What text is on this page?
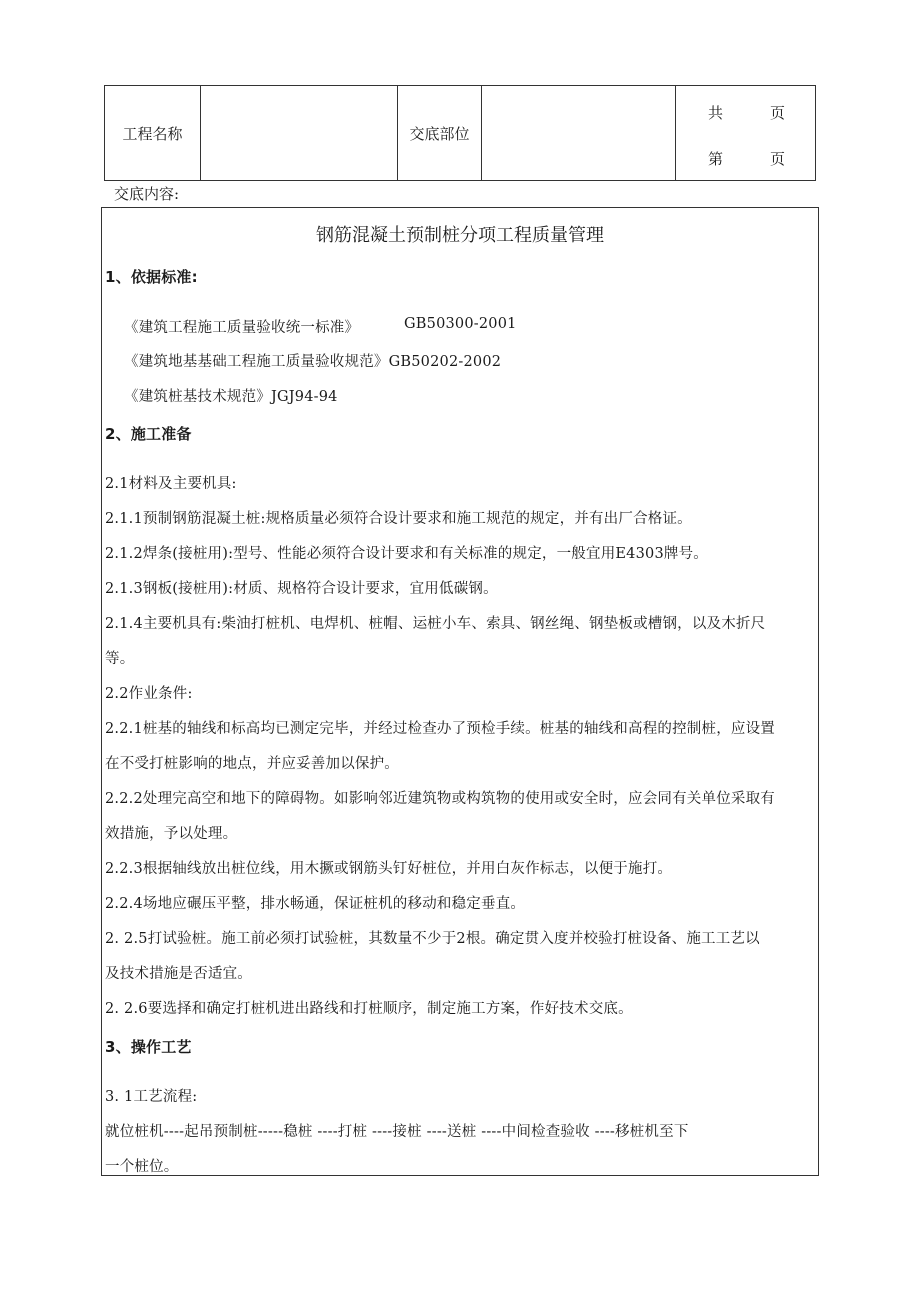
工程名称	交底部位
共	页
第	页
交底内容:
钢筋混凝土预制桩分项工程质量管理
1、依据标准:
《建筑工程施工质量验收统一标准》	GB50300-2001
《建筑地基基础工程施工质量验收规范》GB50202-2002
《建筑桩基技术规范》JGJ94-94
2、施工准备
2.1材料及主要机具:
2.1.1预制钢筋混凝土桩:规格质量必须符合设计要求和施工规范的规定，并有出厂合格证。
2.1.2焊条(接桩用):型号、性能必须符合设计要求和有关标准的规定，一般宜用E4303牌号。
2.1.3钢板(接桩用):材质、规格符合设计要求，宜用低碳钢。
2.1.4主要机具有:柴油打桩机、电焊机、桩帽、运桩小车、索具、钢丝绳、钢垫板或槽钢，以及木折尺
等。
2.2作业条件:
2.2.1桩基的轴线和标高均已测定完毕，并经过检查办了预检手续。桩基的轴线和高程的控制桩，应设置
在不受打桩影响的地点，并应妥善加以保护。
2.2.2处理完高空和地下的障碍物。如影响邻近建筑物或构筑物的使用或安全时，应会同有关单位采取有
效措施，予以处理。
2.2.3根据轴线放出桩位线，用木撅或钢筋头钉好桩位，并用白灰作标志，以便于施打。
2.2.4场地应碾压平整，排水畅通，保证桩机的移动和稳定垂直。
2. 2.5打试验桩。施工前必须打试验桩，其数量不少于2根。确定贯入度并校验打桩设备、施工工艺以
及技术措施是否适宜。
2. 2.6要选择和确定打桩机进出路线和打桩顺序，制定施工方案，作好技术交底。
3、操作工艺
3. 1工艺流程:
就位桩机----起吊预制桩-----稳桩 ----打桩 ----接桩 ----送桩 ----中间检查验收 ----移桩机至下
一个桩位。
